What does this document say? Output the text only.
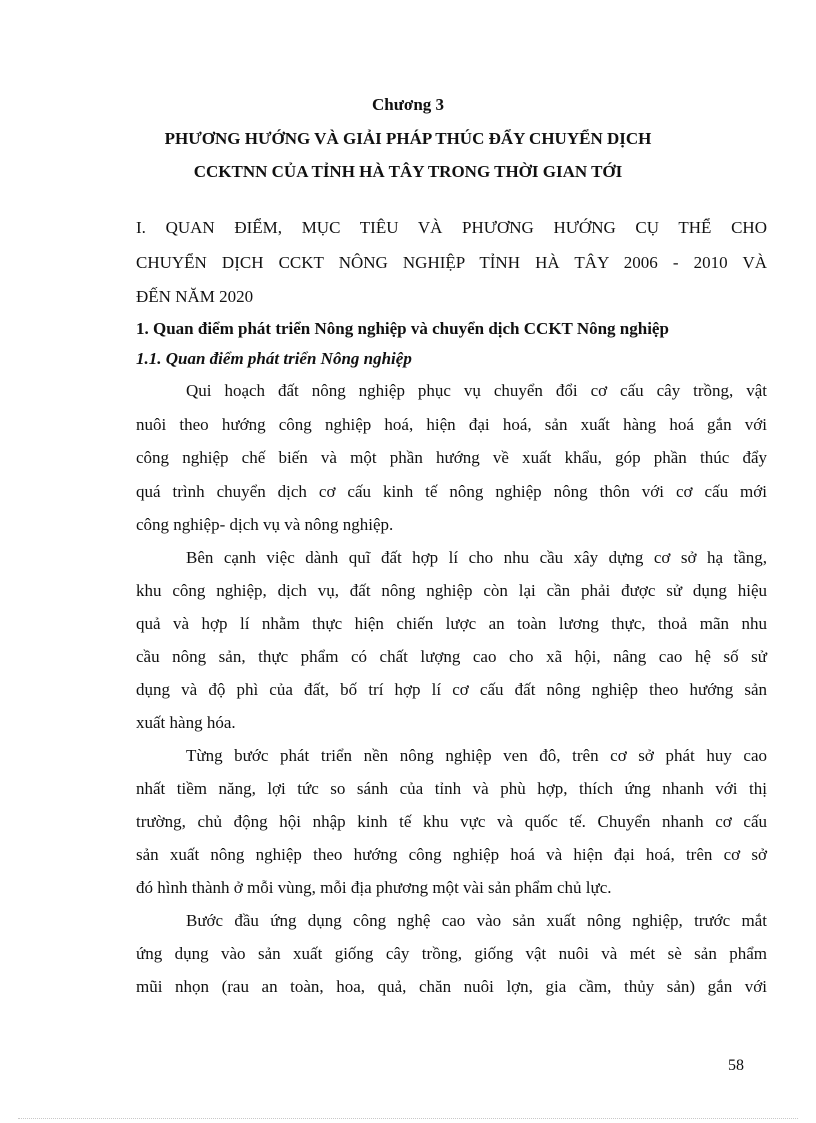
Chương 3
PHƯƠNG HƯỚNG VÀ GIẢI PHÁP THÚC ĐẨY CHUYỂN DỊCH
CCKTNN CỦA TỈNH HÀ TÂY TRONG THỜI GIAN TỚI
I. QUAN ĐIỂM, MỤC TIÊU VÀ PHƯƠNG HƯỚNG CỤ THỂ CHO
CHUYỂN DỊCH CCKT NÔNG NGHIỆP TỈNH HÀ TÂY 2006 - 2010 VÀ
ĐẾN NĂM 2020
1. Quan điểm phát triển Nông nghiệp và chuyển dịch CCKT Nông nghiệp
1.1. Quan điểm phát triển Nông nghiệp
Qui hoạch đất nông nghiệp phục vụ chuyển đổi cơ cấu cây trồng, vật
nuôi theo hướng công nghiệp hoá, hiện đại hoá, sản xuất hàng hoá gắn với
công nghiệp chế biến và một phần hướng về xuất khẩu, góp phần thúc đẩy
quá trình chuyển dịch cơ cấu kinh tế nông nghiệp nông thôn với cơ cấu mới
công nghiệp- dịch vụ và nông nghiệp.
Bên cạnh việc dành quĩ đất hợp lí cho nhu cầu xây dựng cơ sở hạ tầng,
khu công nghiệp, dịch vụ, đất nông nghiệp còn lại cần phải được sử dụng hiệu
quả và hợp lí nhằm thực hiện chiến lược an toàn lương thực, thoả mãn nhu
cầu nông sản, thực phẩm có chất lượng cao cho xã hội, nâng cao hệ số sử
dụng và độ phì của đất, bố trí hợp lí cơ cấu đất nông nghiệp theo hướng sản
xuất hàng hóa.
Từng bước phát triển nền nông nghiệp ven đô, trên cơ sở phát huy cao
nhất tiềm năng, lợi tức so sánh của tỉnh và phù hợp, thích ứng nhanh với thị
trường, chủ động hội nhập kinh tế khu vực và quốc tế. Chuyển nhanh cơ cấu
sản xuất nông nghiệp theo hướng công nghiệp hoá và hiện đại hoá, trên cơ sở
đó hình thành ở mỗi vùng, mỗi địa phương một vài sản phẩm chủ lực.
Bước đầu ứng dụng công nghệ cao vào sản xuất nông nghiệp, trước mắt
ứng dụng vào sản xuất giống cây trồng, giống vật nuôi và mét sè sản phẩm
mũi nhọn (rau an toàn, hoa, quả, chăn nuôi lợn, gia cầm, thủy sản) gắn với
58
